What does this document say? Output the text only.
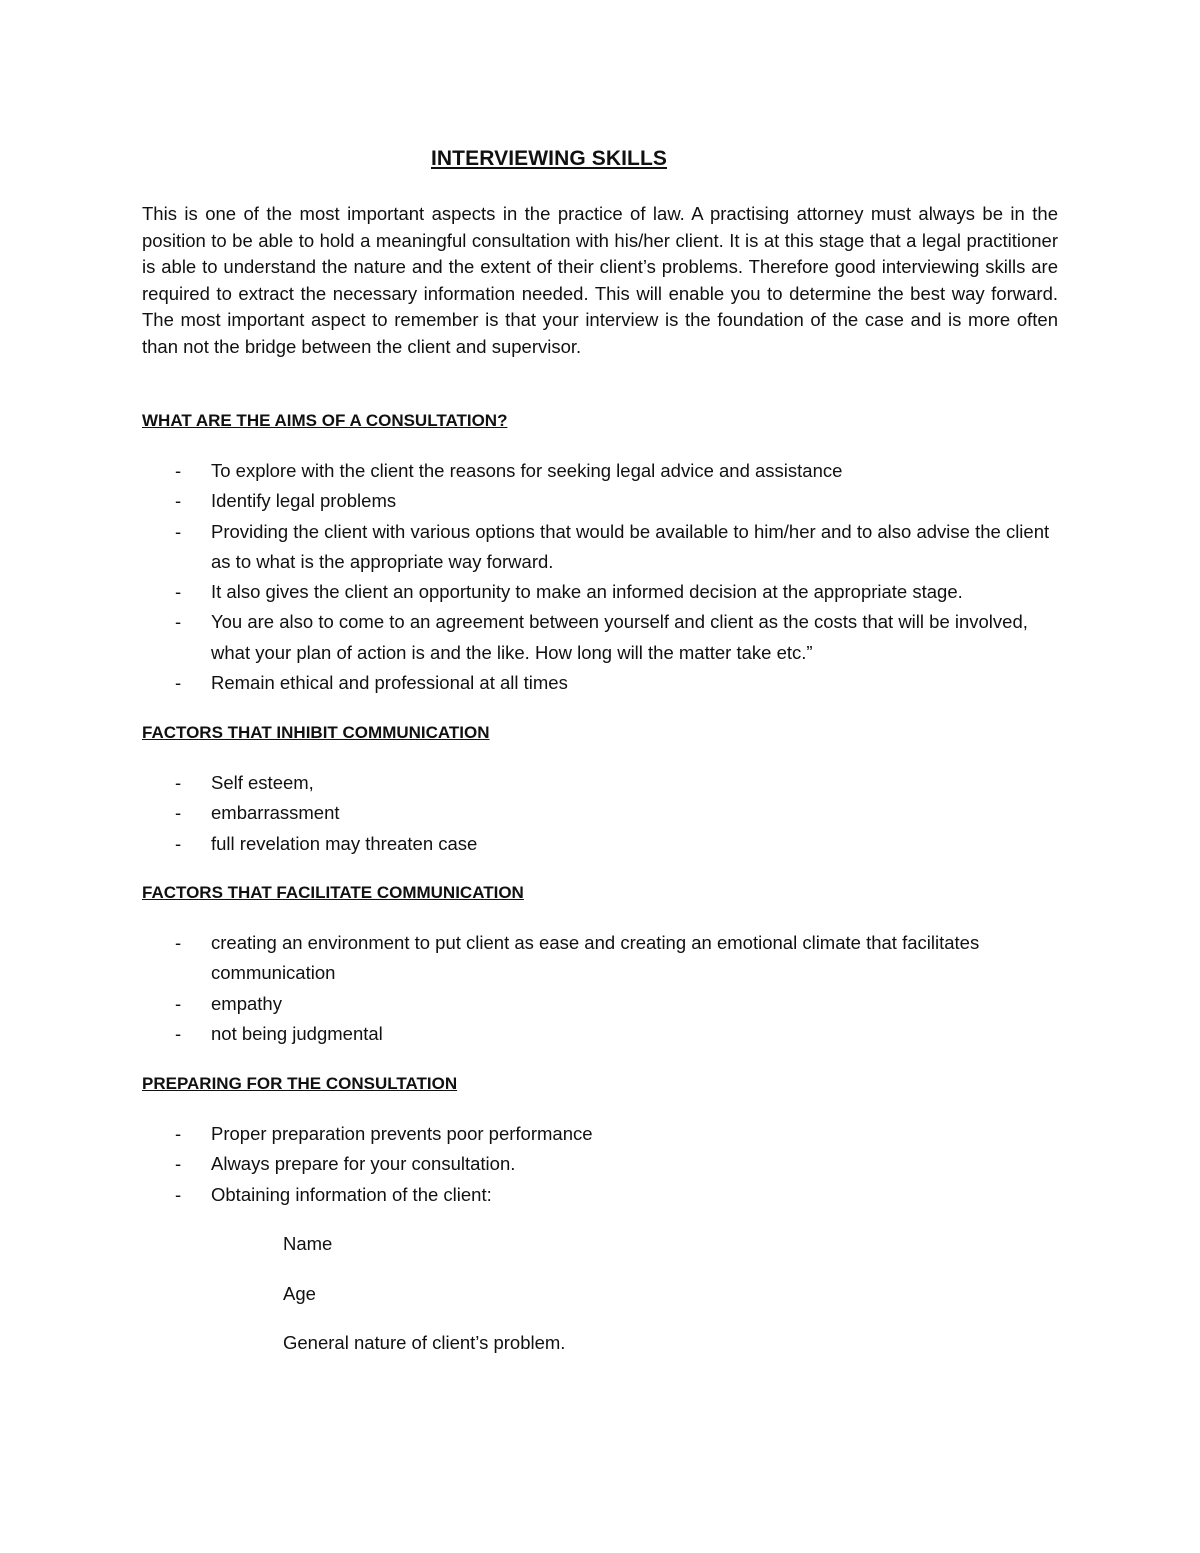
INTERVIEWING SKILLS
This is one of the most important aspects in the practice of law. A practising attorney must always be in the position to be able to hold a meaningful consultation with his/her client. It is at this stage that a legal practitioner is able to understand the nature and the extent of their client’s problems. Therefore good interviewing skills are required to extract the necessary information needed. This will enable you to determine the best way forward. The most important aspect to remember is that your interview is the foundation of the case and is more often than not the bridge between the client and supervisor.
WHAT ARE THE AIMS OF A CONSULTATION?
- To explore with the client the reasons for seeking legal advice and assistance
- Identify legal problems
- Providing the client with various options that would be available to him/her and to also advise the client as to what is the appropriate way forward.
- It also gives the client an opportunity to make an informed decision at the appropriate stage.
- You are also to come to an agreement between yourself and client as the costs that will be involved, what your plan of action is and the like. How long will the matter take etc.”
- Remain ethical and professional at all times
FACTORS THAT INHIBIT COMMUNICATION
- Self esteem,
- embarrassment
- full revelation may threaten case
FACTORS THAT FACILITATE COMMUNICATION
- creating an environment to put client as ease and creating an emotional climate that facilitates communication
- empathy
- not being judgmental
PREPARING FOR THE CONSULTATION
- Proper preparation prevents poor performance
- Always prepare for your consultation.
- Obtaining information of the client:
Name
Age
General nature of client’s problem.
